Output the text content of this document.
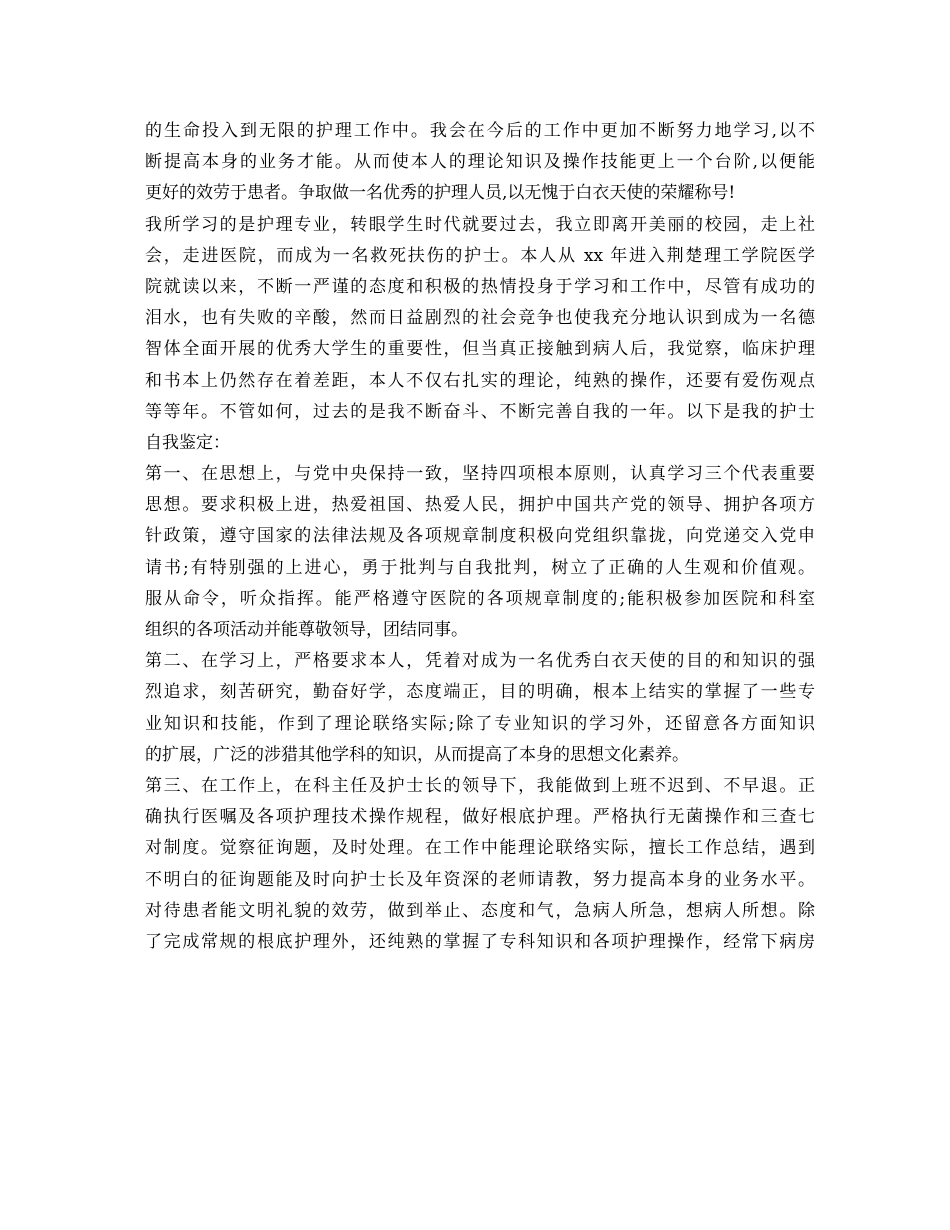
的生命投入到无限的护理工作中。我会在今后的工作中更加不断努力地学习,以不
断提高本身的业务才能。从而使本人的理论知识及操作技能更上一个台阶,以便能
更好的效劳于患者。争取做一名优秀的护理人员,以无愧于白衣天使的荣耀称号!
我所学习的是护理专业，转眼学生时代就要过去，我立即离开美丽的校园，走上社
会，走进医院，而成为一名救死扶伤的护士。本人从 xx 年进入荆楚理工学院医学
院就读以来，不断一严谨的态度和积极的热情投身于学习和工作中，尽管有成功的
泪水，也有失败的辛酸，然而日益剧烈的社会竞争也使我充分地认识到成为一名德
智体全面开展的优秀大学生的重要性，但当真正接触到病人后，我觉察，临床护理
和书本上仍然存在着差距，本人不仅右扎实的理论，纯熟的操作，还要有爱伤观点
等等年。不管如何，过去的是我不断奋斗、不断完善自我的一年。以下是我的护士
自我鉴定：
第一、在思想上，与党中央保持一致，坚持四项根本原则，认真学习三个代表重要
思想。要求积极上进，热爱祖国、热爱人民，拥护中国共产党的领导、拥护各项方
针政策，遵守国家的法律法规及各项规章制度积极向党组织靠拢，向党递交入党申
请书;有特别强的上进心，勇于批判与自我批判，树立了正确的人生观和价值观。
服从命令，听众指挥。能严格遵守医院的各项规章制度的;能积极参加医院和科室
组织的各项活动并能尊敬领导，团结同事。
第二、在学习上，严格要求本人，凭着对成为一名优秀白衣天使的目的和知识的强
烈追求，刻苦研究，勤奋好学，态度端正，目的明确，根本上结实的掌握了一些专
业知识和技能，作到了理论联络实际;除了专业知识的学习外，还留意各方面知识
的扩展，广泛的涉猎其他学科的知识，从而提高了本身的思想文化素养。
第三、在工作上，在科主任及护士长的领导下，我能做到上班不迟到、不早退。正
确执行医嘱及各项护理技术操作规程，做好根底护理。严格执行无菌操作和三查七
对制度。觉察征询题，及时处理。在工作中能理论联络实际，擅长工作总结，遇到
不明白的征询题能及时向护士长及年资深的老师请教，努力提高本身的业务水平。
对待患者能文明礼貌的效劳，做到举止、态度和气，急病人所急，想病人所想。除
了完成常规的根底护理外，还纯熟的掌握了专科知识和各项护理操作，经常下病房
